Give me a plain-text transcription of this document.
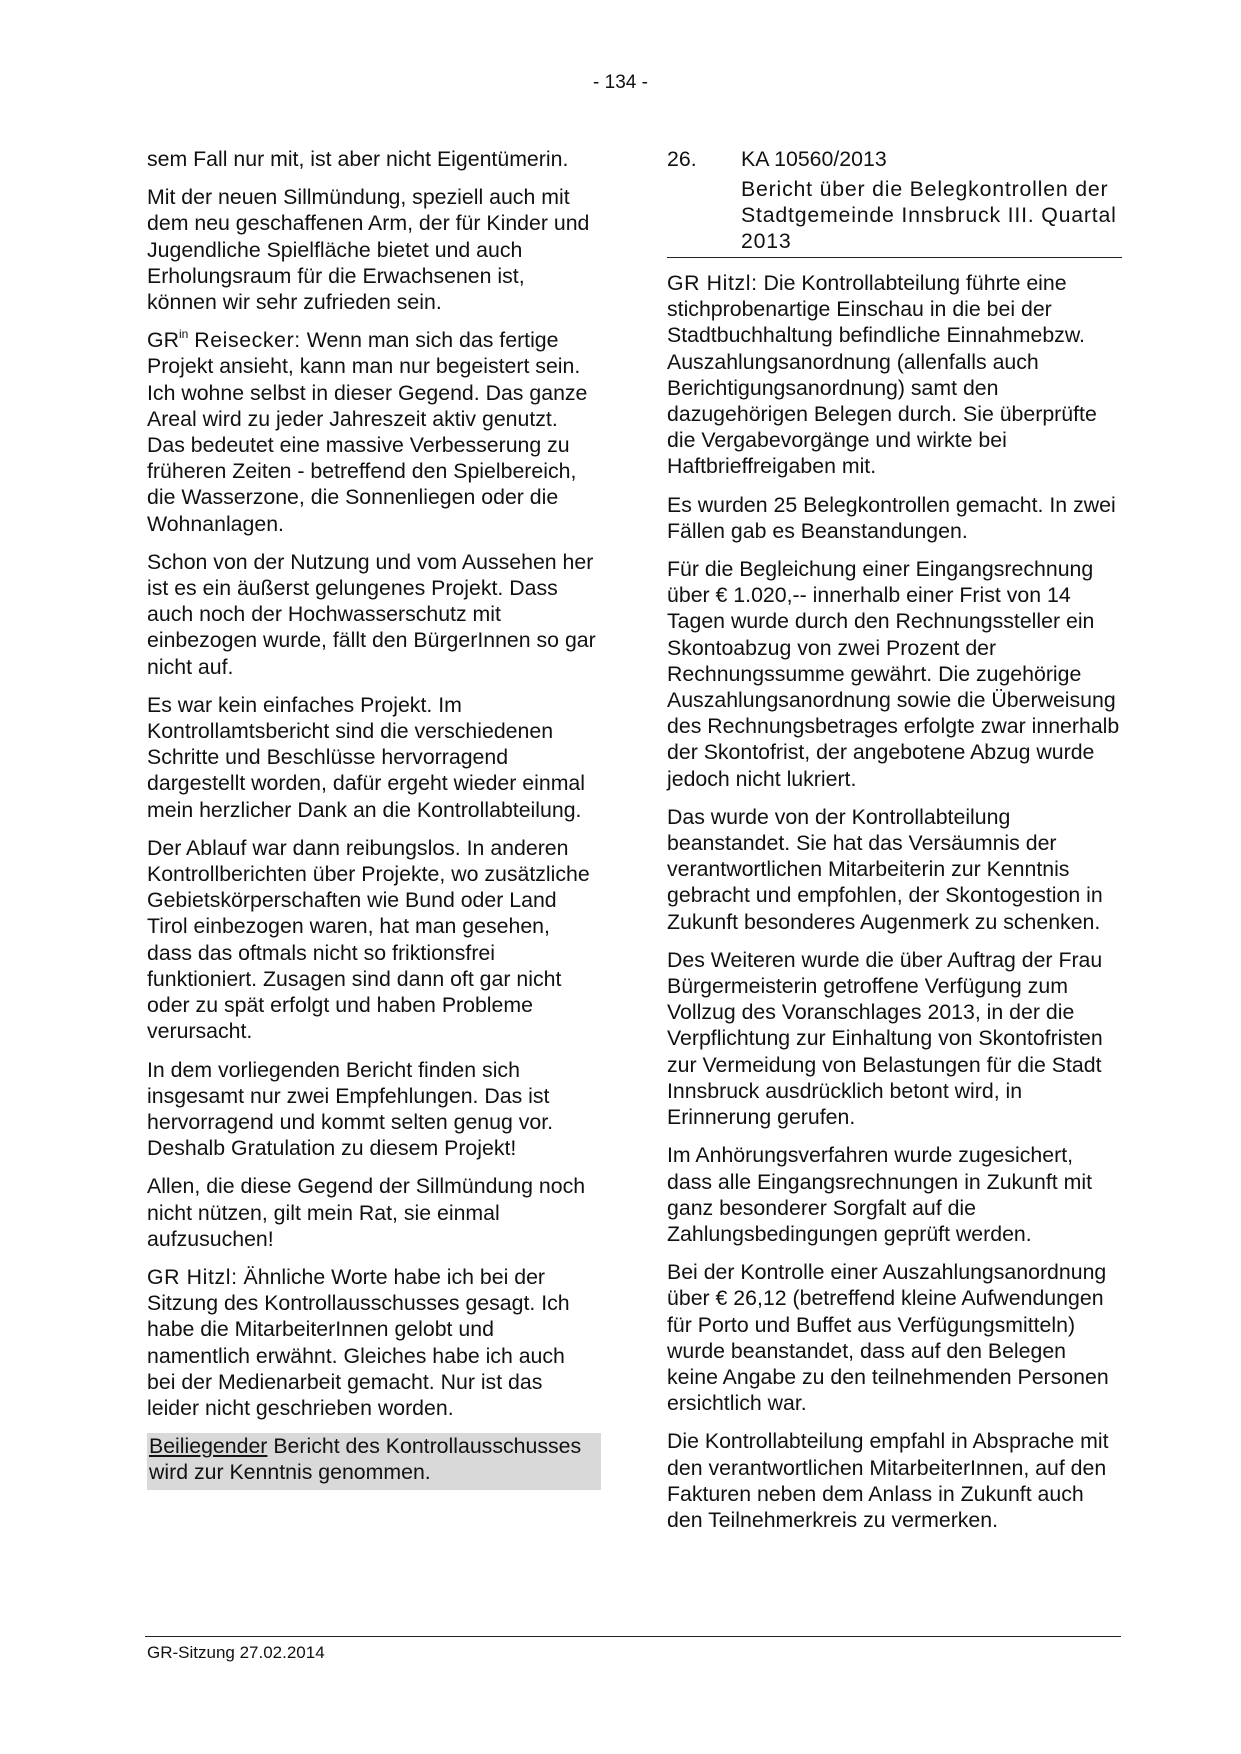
- 134 -

sem Fall nur mit, ist aber nicht Eigentümerin.

Mit der neuen Sillmündung, speziell auch mit dem neu geschaffenen Arm, der für Kinder und Jugendliche Spielfläche bietet und auch Erholungsraum für die Erwachsenen ist, können wir sehr zufrieden sein.

$GR^{in}$ Reisecker: Wenn man sich das fertige Projekt ansieht, kann man nur begeistert sein. Ich wohne selbst in dieser Gegend. Das ganze Areal wird zu jeder Jahreszeit aktiv genutzt. Das bedeutet eine massive Verbesserung zu früheren Zeiten - betreffend den Spielbereich, die Wasserzone, die Sonnenliegen oder die Wohnanlagen.

Schon von der Nutzung und vom Aussehen her ist es ein äußerst gelungenes Projekt. Dass auch noch der Hochwasserschutz mit einbezogen wurde, fällt den BürgerInnen so gar nicht auf.

Es war kein einfaches Projekt. Im Kontrollamtsbericht sind die verschiedenen Schritte und Beschlüsse hervorragend dargestellt worden, dafür ergeht wieder einmal mein herzlicher Dank an die Kontrollabteilung.

Der Ablauf war dann reibungslos. In anderen Kontrollberichten über Projekte, wo zusätzliche Gebietskörperschaften wie Bund oder Land Tirol einbezogen waren, hat man gesehen, dass das oftmals nicht so friktionsfrei funktioniert. Zusagen sind dann oft gar nicht oder zu spät erfolgt und haben Probleme verursacht.

In dem vorliegenden Bericht finden sich insgesamt nur zwei Empfehlungen. Das ist hervorragend und kommt selten genug vor. Deshalb Gratulation zu diesem Projekt!

Allen, die diese Gegend der Sillmündung noch nicht nützen, gilt mein Rat, sie einmal aufzusuchen!

GR Hitzl: Ähnliche Worte habe ich bei der Sitzung des Kontrollausschusses gesagt. Ich habe die MitarbeiterInnen gelobt und namentlich erwähnt. Gleiches habe ich auch bei der Medienarbeit gemacht. Nur ist das leider nicht geschrieben worden.

Beiliegender Bericht des Kontrollausschusses wird zur Kenntnis genommen.

26. KA 10560/2013
Bericht über die Belegkontrollen der Stadtgemeinde Innsbruck III. Quartal 2013

GR Hitzl: Die Kontrollabteilung führte eine stichprobenartige Einschau in die bei der Stadtbuchhaltung befindliche Einnahmebzw. Auszahlungsanordnung (allenfalls auch Berichtigungsanordnung) samt den dazugehörigen Belegen durch. Sie überprüfte die Vergabevorgänge und wirkte bei Haftbrieffreigaben mit.

Es wurden 25 Belegkontrollen gemacht. In zwei Fällen gab es Beanstandungen.

Für die Begleichung einer Eingangsrechnung über € 1.020,-- innerhalb einer Frist von 14 Tagen wurde durch den Rechnungssteller ein Skontoabzug von zwei Prozent der Rechnungssumme gewährt. Die zugehörige Auszahlungsanordnung sowie die Überweisung des Rechnungsbetrages erfolgte zwar innerhalb der Skontofrist, der angebotene Abzug wurde jedoch nicht lukriert.

Das wurde von der Kontrollabteilung beanstandet. Sie hat das Versäumnis der verantwortlichen Mitarbeiterin zur Kenntnis gebracht und empfohlen, der Skontogestion in Zukunft besonderes Augenmerk zu schenken.

Des Weiteren wurde die über Auftrag der Frau Bürgermeisterin getroffene Verfügung zum Vollzug des Voranschlages 2013, in der die Verpflichtung zur Einhaltung von Skontofristen zur Vermeidung von Belastungen für die Stadt Innsbruck ausdrücklich betont wird, in Erinnerung gerufen.

Im Anhörungsverfahren wurde zugesichert, dass alle Eingangsrechnungen in Zukunft mit ganz besonderer Sorgfalt auf die Zahlungsbedingungen geprüft werden.

Bei der Kontrolle einer Auszahlungsanordnung über € 26,12 (betreffend kleine Aufwendungen für Porto und Buffet aus Verfügungsmitteln) wurde beanstandet, dass auf den Belegen keine Angabe zu den teilnehmenden Personen ersichtlich war.

Die Kontrollabteilung empfahl in Absprache mit den verantwortlichen MitarbeiterInnen, auf den Fakturen neben dem Anlass in Zukunft auch den Teilnehmerkreis zu vermerken.

GR-Sitzung 27.02.2014
